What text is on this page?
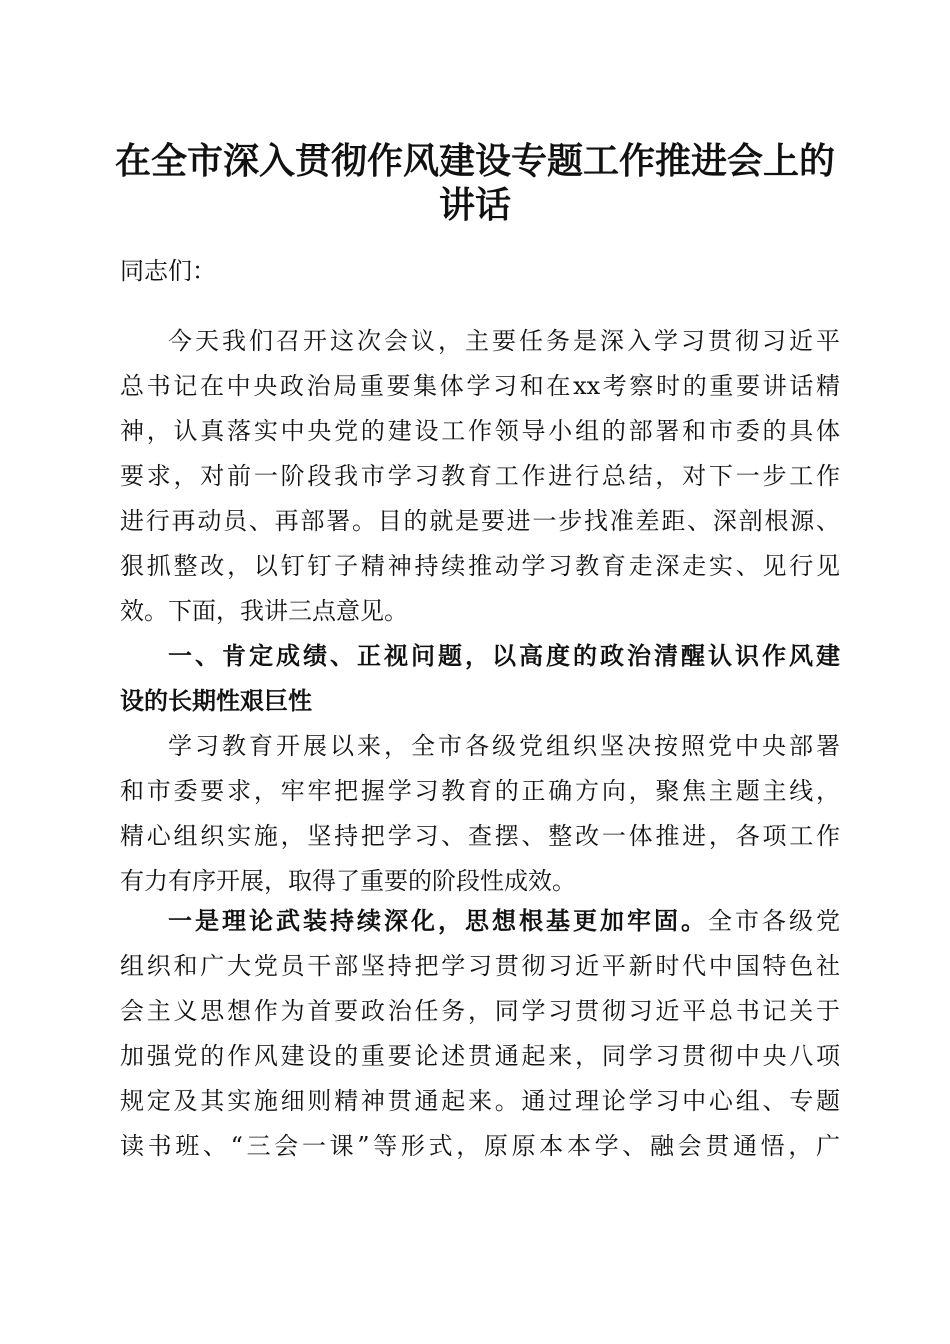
在全市深入贯彻作风建设专题工作推进会上的
讲话
同志们：
今天我们召开这次会议，主要任务是深入学习贯彻习近平
总书记在中央政治局重要集体学习和在xx考察时的重要讲话精
神，认真落实中央党的建设工作领导小组的部署和市委的具体
要求，对前一阶段我市学习教育工作进行总结，对下一步工作
进行再动员、再部署。目的就是要进一步找准差距、深剖根源、
狠抓整改，以钉钉子精神持续推动学习教育走深走实、见行见
效。下面，我讲三点意见。
一、肯定成绩、正视问题，以高度的政治清醒认识作风建
设的长期性艰巨性
学习教育开展以来，全市各级党组织坚决按照党中央部署
和市委要求，牢牢把握学习教育的正确方向，聚焦主题主线，
精心组织实施，坚持把学习、查摆、整改一体推进，各项工作
有力有序开展，取得了重要的阶段性成效。
一是理论武装持续深化，思想根基更加牢固。全市各级党
组织和广大党员干部坚持把学习贯彻习近平新时代中国特色社
会主义思想作为首要政治任务，同学习贯彻习近平总书记关于
加强党的作风建设的重要论述贯通起来，同学习贯彻中央八项
规定及其实施细则精神贯通起来。通过理论学习中心组、专题
读书班、“三会一课”等形式，原原本本学、融会贯通悟，广
